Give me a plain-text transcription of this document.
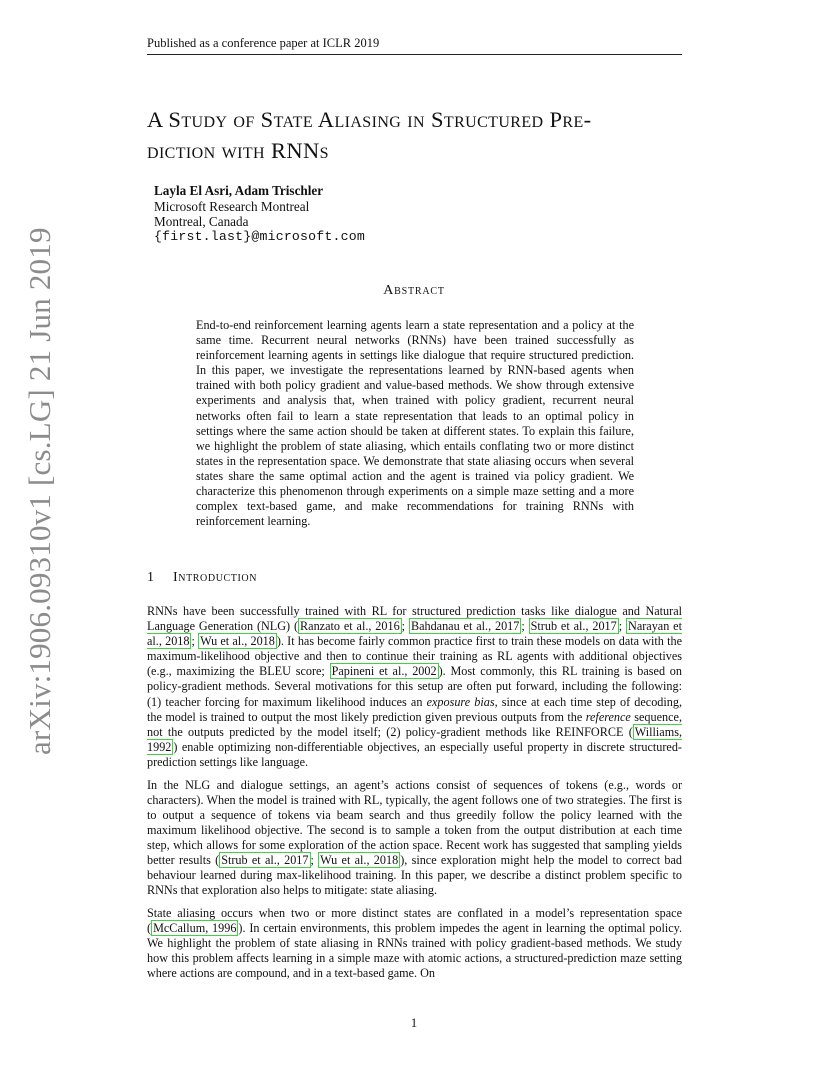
Published as a conference paper at ICLR 2019
arXiv:1906.09310v1 [cs.LG] 21 Jun 2019
A Study of State Aliasing in Structured Pre-
diction with RNNs
Layla El Asri, Adam Trischler
Microsoft Research Montreal
Montreal, Canada
{first.last}@microsoft.com
Abstract
End-to-end reinforcement learning agents learn a state representation and a policy at the same time. Recurrent neural networks (RNNs) have been trained successfully as reinforcement learning agents in settings like dialogue that require structured prediction. In this paper, we investigate the representations learned by RNN-based agents when trained with both policy gradient and value-based methods. We show through extensive experiments and analysis that, when trained with policy gradient, recurrent neural networks often fail to learn a state representation that leads to an optimal policy in settings where the same action should be taken at different states. To explain this failure, we highlight the problem of state aliasing, which entails conflating two or more distinct states in the representation space. We demonstrate that state aliasing occurs when several states share the same optimal action and the agent is trained via policy gradient. We characterize this phenomenon through experiments on a simple maze setting and a more complex text-based game, and make recommendations for training RNNs with reinforcement learning.
1 Introduction

RNNs have been successfully trained with RL for structured prediction tasks like dialogue and Natural Language Generation (NLG) ( Ranzato et al., 2016 ; Bahdanau et al., 2017 ; Strub et al., 2017 ; Narayan et al., 2018 ; Wu et al., 2018 ). It has become fairly common practice first to train these models on data with the maximum-likelihood objective and then to continue their training as RL agents with additional objectives (e.g., maximizing the BLEU score; Papineni et al., 2002 ). Most commonly, this RL training is based on policy-gradient methods. Several motivations for this setup are often put forward, including the following: (1) teacher forcing for maximum likelihood induces an exposure bias, since at each time step of decoding, the model is trained to output the most likely prediction given previous outputs from the reference sequence, not the outputs predicted by the model itself; (2) policy-gradient methods like REINFORCE ( Williams, 1992 ) enable optimizing non-differentiable objectives, an especially useful property in discrete structured-prediction settings like language.

In the NLG and dialogue settings, an agent’s actions consist of sequences of tokens (e.g., words or characters). When the model is trained with RL, typically, the agent follows one of two strategies. The first is to output a sequence of tokens via beam search and thus greedily follow the policy learned with the maximum likelihood objective. The second is to sample a token from the output distribution at each time step, which allows for some exploration of the action space. Recent work has suggested that sampling yields better results ( Strub et al., 2017 ; Wu et al., 2018 ), since exploration might help the model to correct bad behaviour learned during max-likelihood training. In this paper, we describe a distinct problem specific to RNNs that exploration also helps to mitigate: state aliasing.

State aliasing occurs when two or more distinct states are conflated in a model’s representation space ( McCallum, 1996 ). In certain environments, this problem impedes the agent in learning the optimal policy. We highlight the problem of state aliasing in RNNs trained with policy gradient-based methods. We study how this problem affects learning in a simple maze with atomic actions, a structured-prediction maze setting where actions are compound, and in a text-based game. On

1
